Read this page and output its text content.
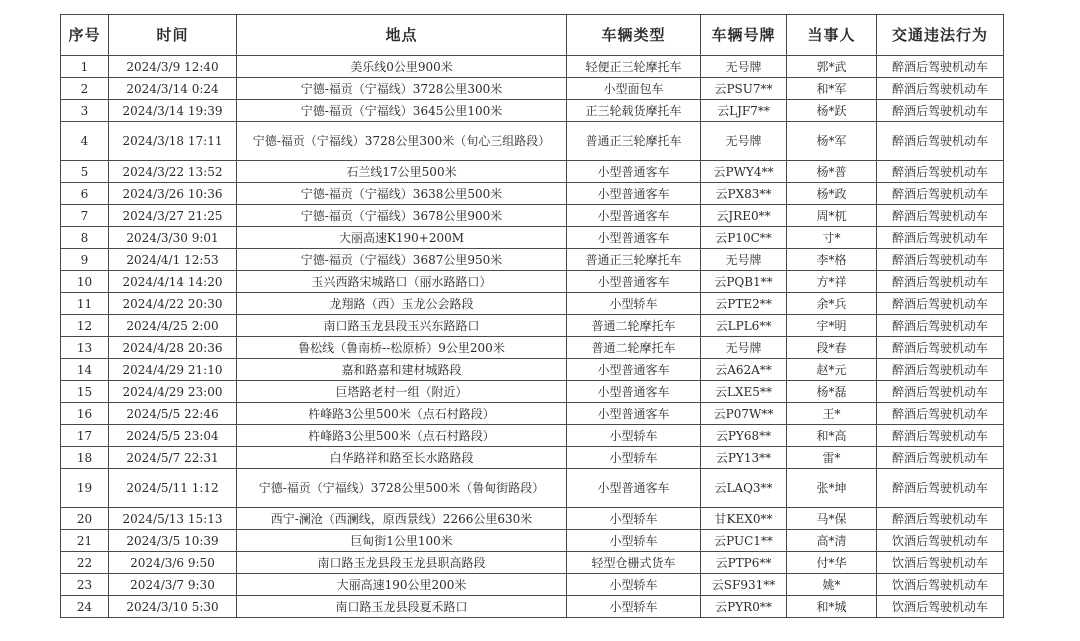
序号	时间	地点	车辆类型	车辆号牌	当事人	交通违法行为
1	2024/3/9 12:40	美乐线0公里900米	轻便正三轮摩托车	无号牌	郭*武	醉酒后驾驶机动车
2	2024/3/14 0:24	宁德-福贡（宁福线）3728公里300米	小型面包车	云PSU7**	和*军	醉酒后驾驶机动车
3	2024/3/14 19:39	宁德-福贡（宁福线）3645公里100米	正三轮载货摩托车	云LJF7**	杨*跃	醉酒后驾驶机动车
4	2024/3/18 17:11	宁德-福贡（宁福线）3728公里300米（旬心三组路段）	普通正三轮摩托车	无号牌	杨*军	醉酒后驾驶机动车
5	2024/3/22 13:52	石兰线17公里500米	小型普通客车	云PWY4**	杨*普	醉酒后驾驶机动车
6	2024/3/26 10:36	宁德-福贡（宁福线）3638公里500米	小型普通客车	云PX83**	杨*政	醉酒后驾驶机动车
7	2024/3/27 21:25	宁德-福贡（宁福线）3678公里900米	小型普通客车	云JRE0**	周*杌	醉酒后驾驶机动车
8	2024/3/30 9:01	大丽高速K190+200M	小型普通客车	云P10C**	寸*	醉酒后驾驶机动车
9	2024/4/1 12:53	宁德-福贡（宁福线）3687公里950米	普通正三轮摩托车	无号牌	李*格	醉酒后驾驶机动车
10	2024/4/14 14:20	玉兴西路宋城路口（丽水路路口）	小型普通客车	云PQB1**	方*祥	醉酒后驾驶机动车
11	2024/4/22 20:30	龙翔路（西）玉龙公会路段	小型轿车	云PTE2**	余*兵	醉酒后驾驶机动车
12	2024/4/25 2:00	南口路玉龙县段玉兴东路路口	普通二轮摩托车	云LPL6**	宇*明	醉酒后驾驶机动车
13	2024/4/28 20:36	鲁松线（鲁南桥--松原桥）9公里200米	普通二轮摩托车	无号牌	段*春	醉酒后驾驶机动车
14	2024/4/29 21:10	嘉和路嘉和建材城路段	小型普通客车	云A62A**	赵*元	醉酒后驾驶机动车
15	2024/4/29 23:00	巨塔路老村一组（附近）	小型普通客车	云LXE5**	杨*磊	醉酒后驾驶机动车
16	2024/5/5 22:46	杵峰路3公里500米（点石村路段）	小型普通客车	云P07W**	王*	醉酒后驾驶机动车
17	2024/5/5 23:04	杵峰路3公里500米（点石村路段）	小型轿车	云PY68**	和*高	醉酒后驾驶机动车
18	2024/5/7 22:31	白华路祥和路至长水路路段	小型轿车	云PY13**	雷*	醉酒后驾驶机动车
19	2024/5/11 1:12	宁德-福贡（宁福线）3728公里500米（鲁甸街路段）	小型普通客车	云LAQ3**	张*坤	醉酒后驾驶机动车
20	2024/5/13 15:13	西宁-澜沧（西澜线，原西景线）2266公里630米	小型轿车	甘KEX0**	马*保	醉酒后驾驶机动车
21	2024/3/5 10:39	巨甸街1公里100米	小型轿车	云PUC1**	高*清	饮酒后驾驶机动车
22	2024/3/6 9:50	南口路玉龙县段玉龙县职高路段	轻型仓栅式货车	云PTP6**	付*华	饮酒后驾驶机动车
23	2024/3/7 9:30	大丽高速190公里200米	小型轿车	云SF931**	姚*	饮酒后驾驶机动车
24	2024/3/10 5:30	南口路玉龙县段夏禾路口	小型轿车	云PYR0**	和*城	饮酒后驾驶机动车
